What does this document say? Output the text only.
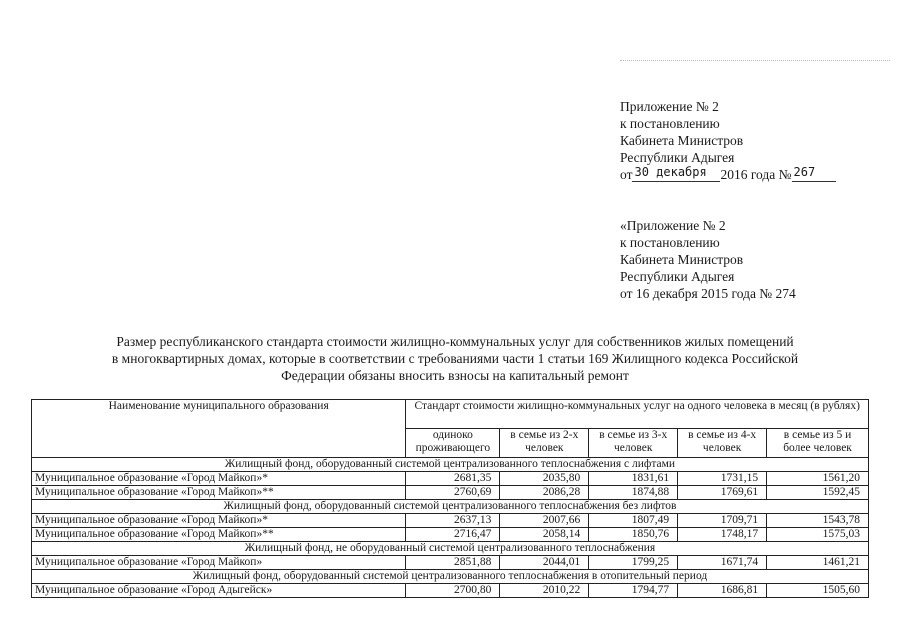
Приложение № 2
к постановлению
Кабинета Министров
Республики Адыгея
от 30 декабря 2016 года № 267
«Приложение № 2
к постановлению
Кабинета Министров
Республики Адыгея
от 16 декабря 2015 года № 274
Размер республиканского стандарта стоимости жилищно-коммунальных услуг для собственников жилых помещений
в многоквартирных домах, которые в соответствии с требованиями части 1 статьи 169 Жилищного кодекса Российской
Федерации обязаны вносить взносы на капитальный ремонт
Наименование муниципального образования	Стандарт стоимости жилищно-коммунальных услуг на одного человека в месяц (в рублях)				
	одиноко проживающего	в семье из 2-х человек	в семье из 3-х человек	в семье из 4-х человек	в семье из 5 и более человек
Жилищный фонд, оборудованный системой централизованного теплоснабжения с лифтами					
Муниципальное образование «Город Майкоп»*	2681,35	2035,80	1831,61	1731,15	1561,20
Муниципальное образование «Город Майкоп»**	2760,69	2086,28	1874,88	1769,61	1592,45
Жилищный фонд, оборудованный системой централизованного теплоснабжения без лифтов					
Муниципальное образование «Город Майкоп»*	2637,13	2007,66	1807,49	1709,71	1543,78
Муниципальное образование «Город Майкоп»**	2716,47	2058,14	1850,76	1748,17	1575,03
Жилищный фонд, не оборудованный системой централизованного теплоснабжения					
Муниципальное образование «Город Майкоп»	2851,88	2044,01	1799,25	1671,74	1461,21
Жилищный фонд, оборудованный системой централизованного теплоснабжения в отопительный период					
Муниципальное образование «Город Адыгейск»	2700,80	2010,22	1794,77	1686,81	1505,60
